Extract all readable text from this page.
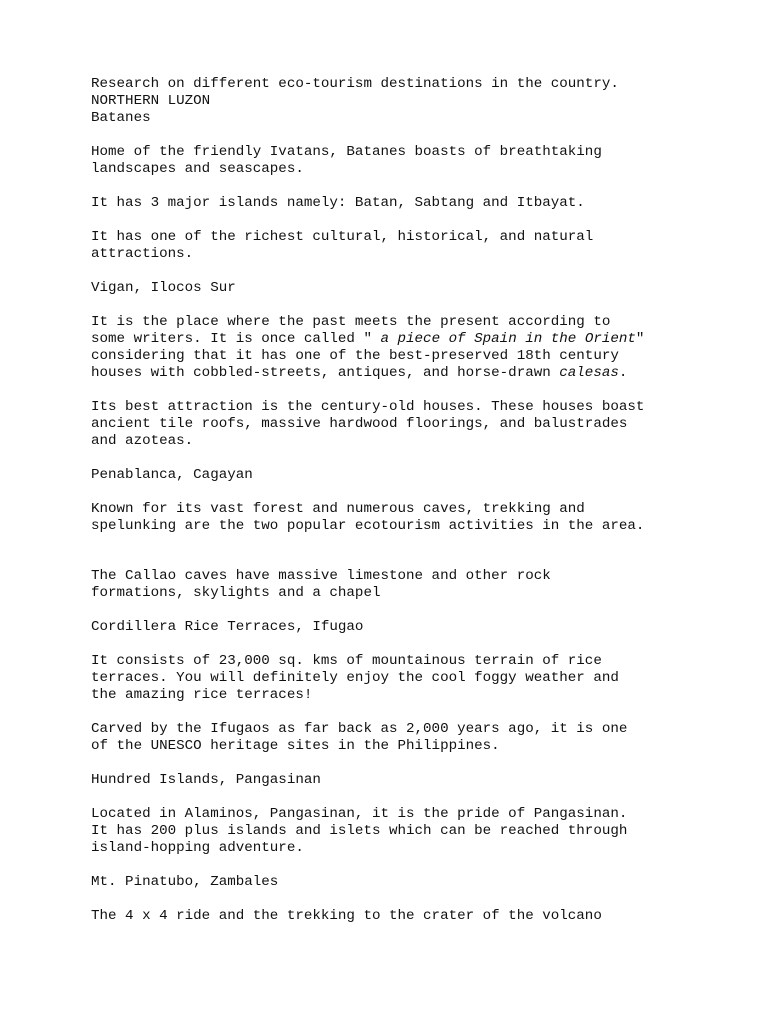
Research on different eco-tourism destinations in the country.
NORTHERN LUZON
Batanes
Home of the friendly Ivatans, Batanes boasts of breathtaking
landscapes and seascapes.
It has 3 major islands namely: Batan, Sabtang and Itbayat.
It has one of the richest cultural, historical, and natural
attractions.
Vigan, Ilocos Sur
It is the place where the past meets the present according to
some writers. It is once called " a piece of Spain in the Orient"
considering that it has one of the best-preserved 18th century
houses with cobbled-streets, antiques, and horse-drawn calesas.
Its best attraction is the century-old houses. These houses boast
ancient tile roofs, massive hardwood floorings, and balustrades
and azoteas.
Penablanca, Cagayan
Known for its vast forest and numerous caves, trekking and
spelunking are the two popular ecotourism activities in the area.
The Callao caves have massive limestone and other rock
formations, skylights and a chapel
Cordillera Rice Terraces, Ifugao
It consists of 23,000 sq. kms of mountainous terrain of rice
terraces. You will definitely enjoy the cool foggy weather and
the amazing rice terraces!
Carved by the Ifugaos as far back as 2,000 years ago, it is one
of the UNESCO heritage sites in the Philippines.
Hundred Islands, Pangasinan
Located in Alaminos, Pangasinan, it is the pride of Pangasinan.
It has 200 plus islands and islets which can be reached through
island-hopping adventure.
Mt. Pinatubo, Zambales
The 4 x 4 ride and the trekking to the crater of the volcano
